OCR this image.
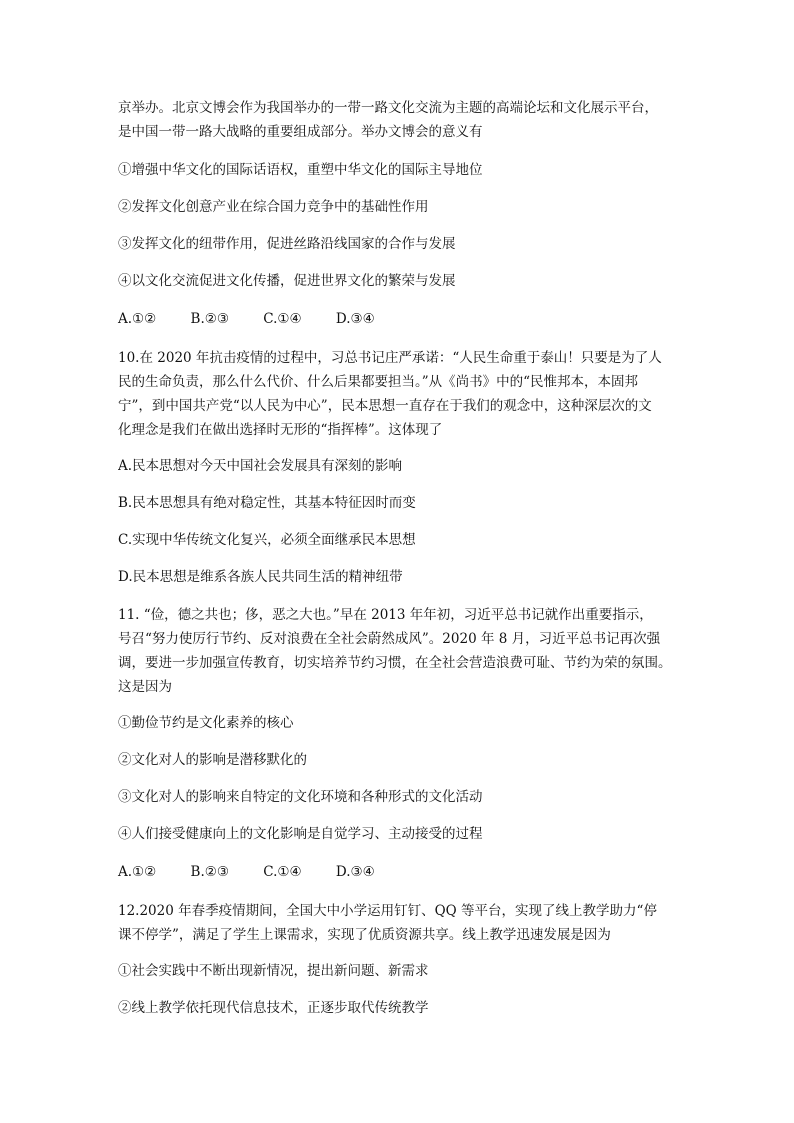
京举办。北京文博会作为我国举办的一带一路文化交流为主题的高端论坛和文化展示平台，
是中国一带一路大战略的重要组成部分。举办文博会的意义有
①增强中华文化的国际话语权，重塑中华文化的国际主导地位
②发挥文化创意产业在综合国力竞争中的基础性作用
③发挥文化的纽带作用，促进丝路沿线国家的合作与发展
④以文化交流促进文化传播，促进世界文化的繁荣与发展
A.①②	B.②③	C.①④	D.③④
10.在 2020 年抗击疫情的过程中，习总书记庄严承诺：“人民生命重于泰山！只要是为了人
民的生命负责，那么什么代价、什么后果都要担当。”从《尚书》中的“民惟邦本，本固邦
宁”，到中国共产党“以人民为中心”，民本思想一直存在于我们的观念中，这种深层次的文
化理念是我们在做出选择时无形的“指挥棒”。这体现了
A.民本思想对今天中国社会发展具有深刻的影响
B.民本思想具有绝对稳定性，其基本特征因时而变
C.实现中华传统文化复兴，必须全面继承民本思想
D.民本思想是维系各族人民共同生活的精神纽带
11. “俭，德之共也；侈，恶之大也。”早在 2013 年年初，习近平总书记就作出重要指示，
号召“努力使厉行节约、反对浪费在全社会蔚然成风”。2020 年 8 月，习近平总书记再次强
调，要进一步加强宣传教育，切实培养节约习惯，在全社会营造浪费可耻、节约为荣的氛围。
这是因为
①勤俭节约是文化素养的核心
②文化对人的影响是潜移默化的
③文化对人的影响来自特定的文化环境和各种形式的文化活动
④人们接受健康向上的文化影响是自觉学习、主动接受的过程
A.①②	B.②③	C.①④	D.③④
12.2020 年春季疫情期间，全国大中小学运用钉钉、QQ 等平台，实现了线上教学助力“停
课不停学”，满足了学生上课需求，实现了优质资源共享。线上教学迅速发展是因为
①社会实践中不断出现新情况，提出新问题、新需求
②线上教学依托现代信息技术，正逐步取代传统教学
